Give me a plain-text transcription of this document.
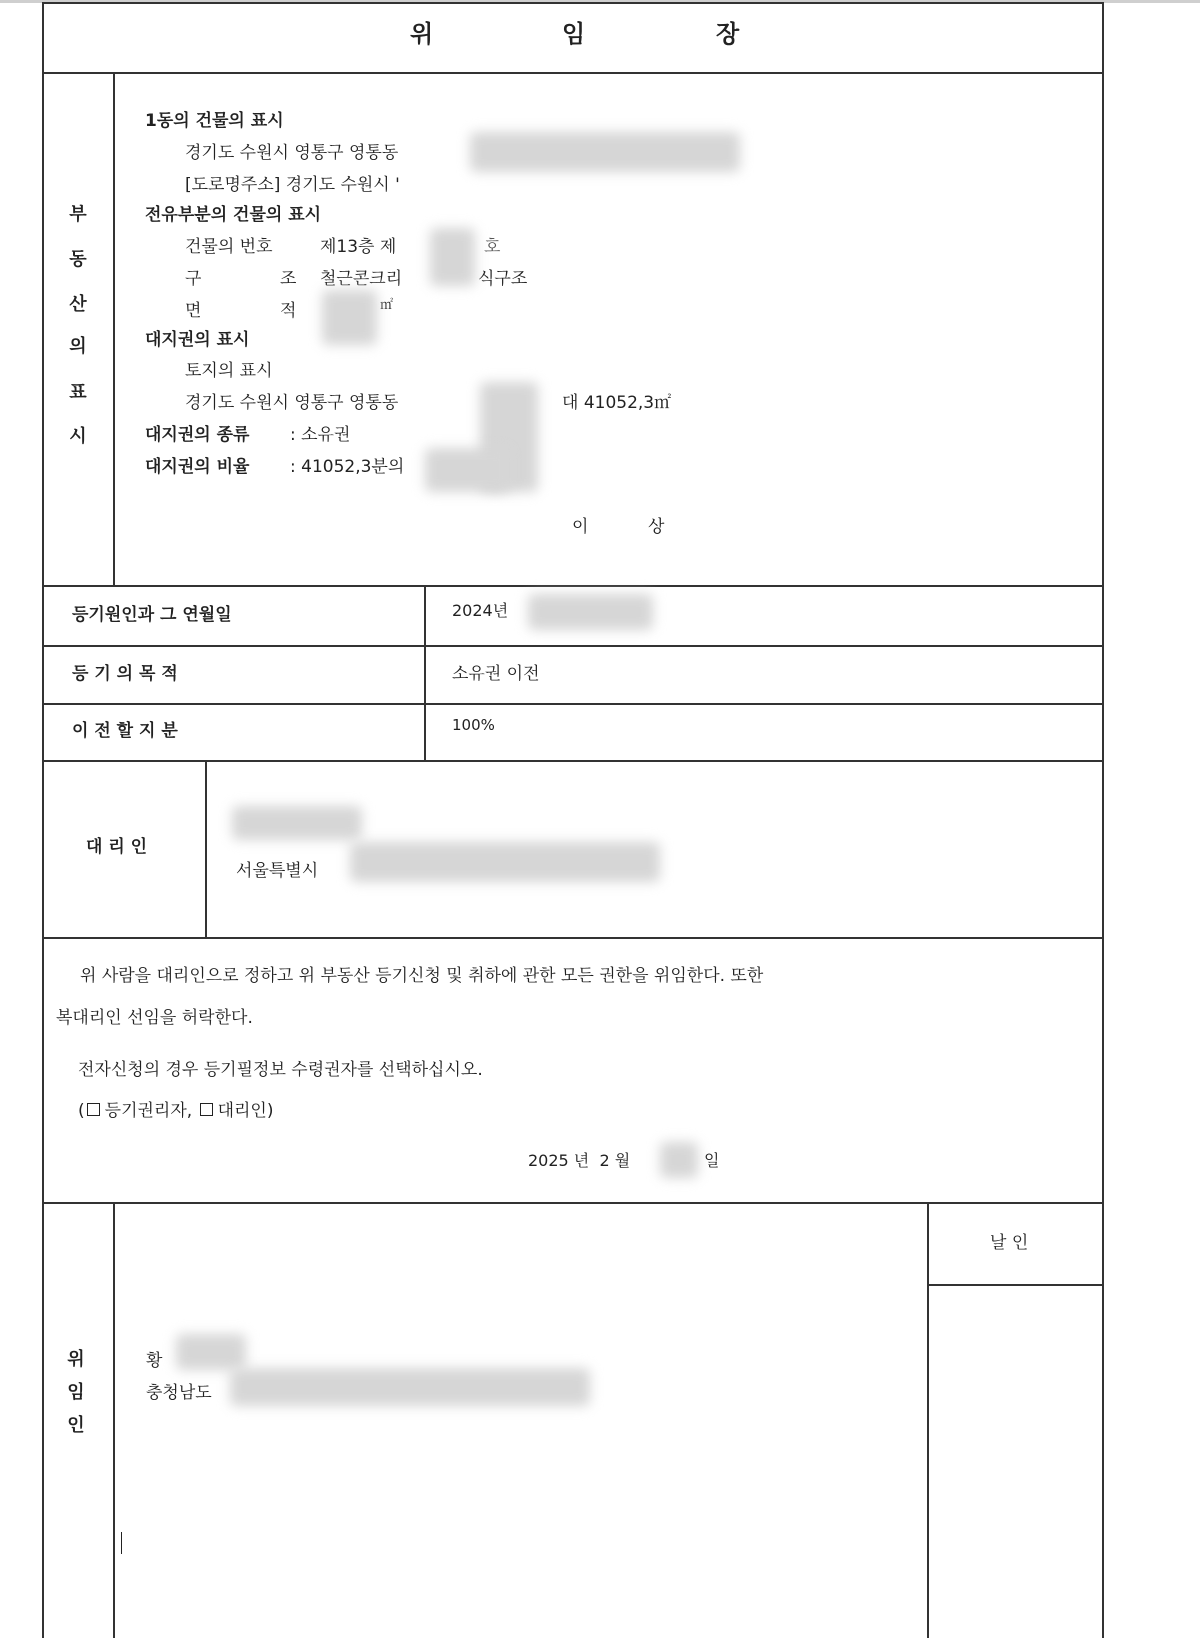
위	임	장
부
동
산
의
표
시
1동의 건물의 표시
경기도 수원시 영통구 영통동
[도로명주소] 경기도 수원시 '
전유부분의 건물의 표시
건물의 번호	제13층 제	호
구	조 철근콘크리	식구조
면	적	㎡
대지권의 표시
토지의 표시
경기도 수원시 영통구 영통동	대 41052,3㎡
대지권의 종류 : 소유권
대지권의 비율 : 41052,3분의
이	상
등기원인과 그 연월일	2024년
등 기 의 목 적	소유권 이전
이 전 할 지 분	100%
대 리 인
서울특별시
위 사람을 대리인으로 정하고 위 부동산 등기신청 및 취하에 관한 모든 권한을 위임한다. 또한
복대리인 선임을 허락한다.
전자신청의 경우 등기필정보 수령권자를 선택하십시오.
( 등기권리자, 대리인)
2025 년 2 월	일
위
임
인
황
충청남도
날 인
